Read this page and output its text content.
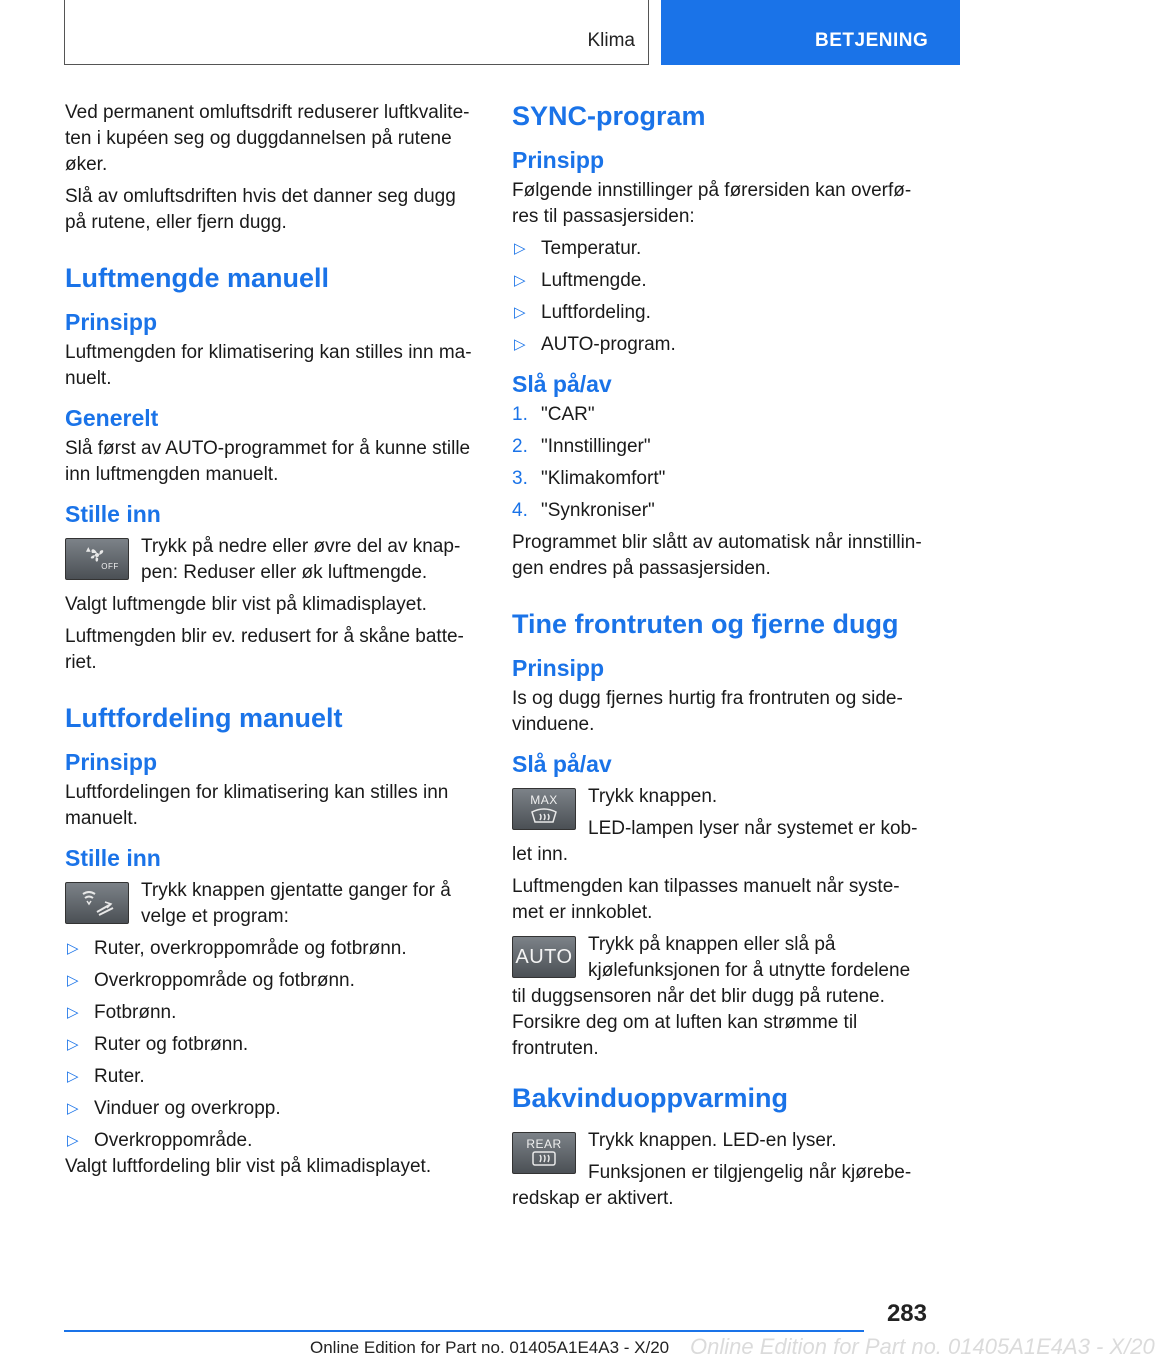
Klima	BETJENING

Ved permanent omluftsdrift reduserer luftkvaliteten i kupéen seg og duggdannelsen på rutene øker.

Slå av omluftsdriften hvis det danner seg dugg på rutene, eller fjern dugg.

Luftmengde manuell
Prinsipp

Luftmengden for klimatisering kan stilles inn manuelt.

Generelt

Slå først av AUTO-programmet for å kunne stille inn luftmengden manuelt.

Stille inn
▲
OFF

Trykk på nedre eller øvre del av knappen: Reduser eller øk luftmengde.

Valgt luftmengde blir vist på klimadisplayet.

Luftmengden blir ev. redusert for å skåne batteriet.

Luftfordeling manuelt
Prinsipp

Luftfordelingen for klimatisering kan stilles inn manuelt.

Stille inn

Trykk knappen gjentatte ganger for å velge et program:

▷ Ruter, overkroppområde og fotbrønn.
▷ Overkroppområde og fotbrønn.
▷ Fotbrønn.
▷ Ruter og fotbrønn.
▷ Ruter.
▷ Vinduer og overkropp.
▷ Overkroppområde.

Valgt luftfordeling blir vist på klimadisplayet.

SYNC-program
Prinsipp

Følgende innstillinger på førersiden kan overføres til passasjersiden:

▷ Temperatur.
▷ Luftmengde.
▷ Luftfordeling.
▷ AUTO-program.
Slå på/av
1. "CAR"
2. "Innstillinger"
3. "Klimakomfort"
4. "Synkroniser"

Programmet blir slått av automatisk når innstillingen endres på passasjersiden.

Tine frontruten og fjerne dugg
Prinsipp

Is og dugg fjernes hurtig fra frontruten og sidevinduene.

Slå på/av
MAX	Trykk knappen.

LED-lampen lyser når systemet er koblet inn.

Luftmengden kan tilpasses manuelt når systemet er innkoblet.

AUTO

Trykk på knappen eller slå på kjølefunksjonen for å utnytte fordelene til duggsensoren når det blir dugg på rutene. Forsikre deg om at luften kan strømme til frontruten.

Bakvinduoppvarming
REAR	Trykk knappen. LED-en lyser.

Funksjonen er tilgjengelig når kjøreberedskap er aktivert.

283
Online Edition for Part no. 01405A1E4A3 - X/20 Online Edition for Part no. 01405A1E4A3 - X/20
